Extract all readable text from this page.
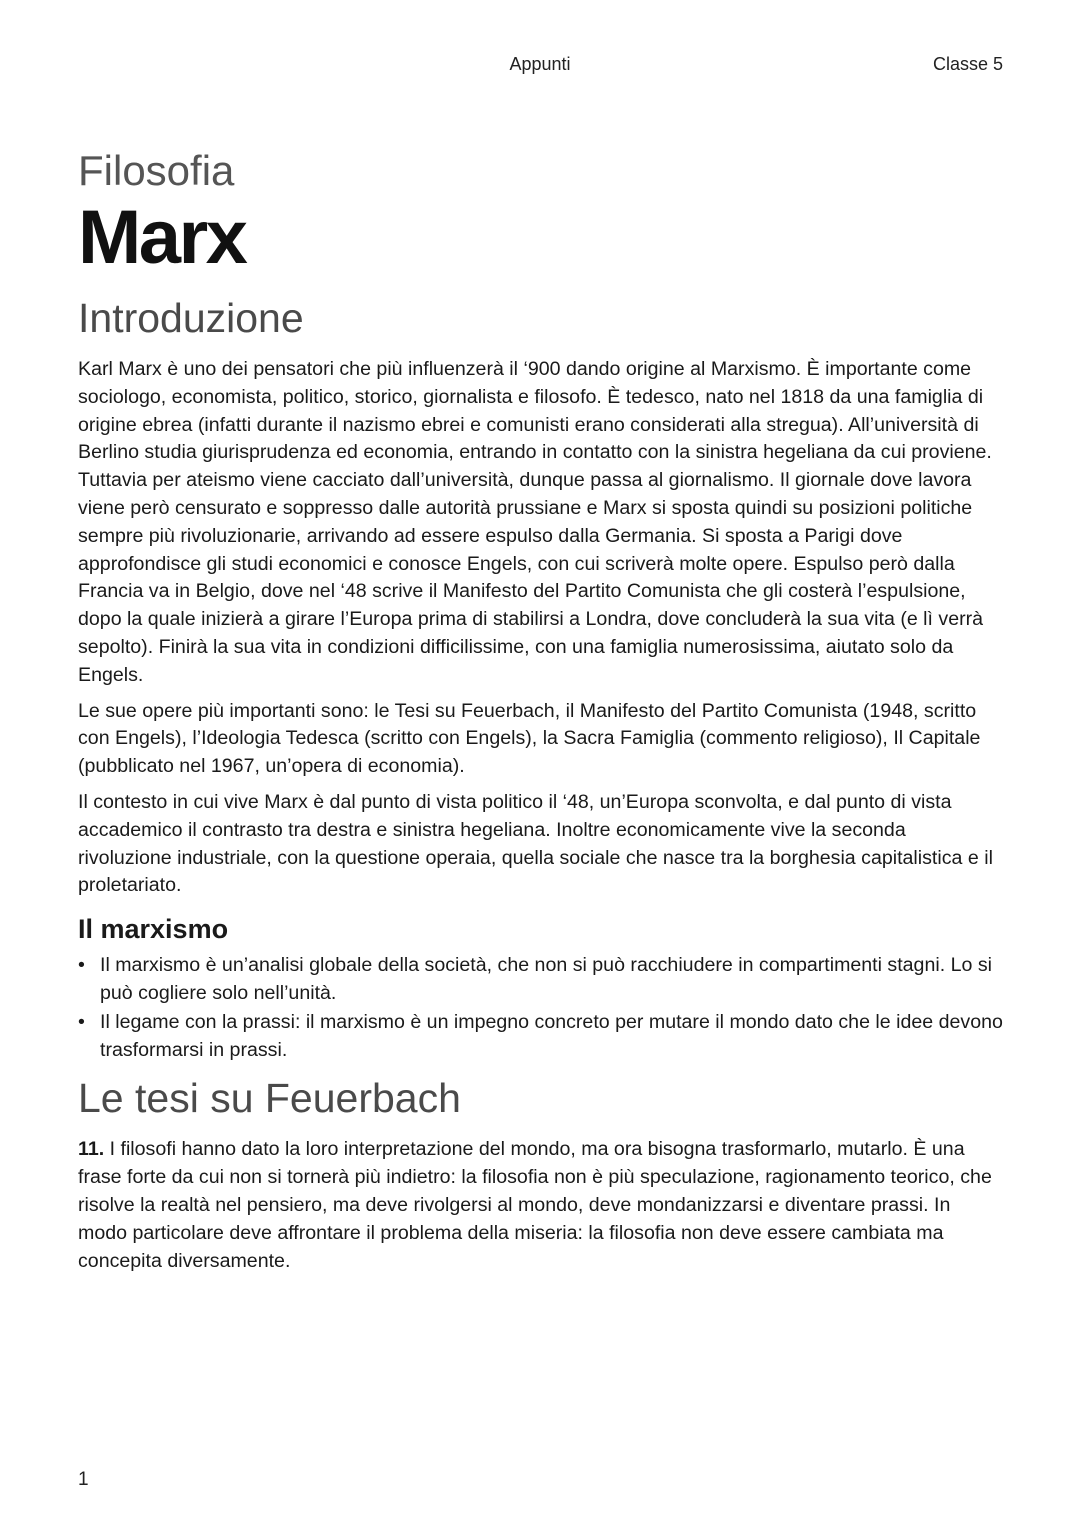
Appunti	Classe 5
Filosofia
Marx
Introduzione

Karl Marx è uno dei pensatori che più influenzerà il ‘900 dando origine al Marxismo. È importante come sociologo, economista, politico, storico, giornalista e filosofo. È tedesco, nato nel 1818 da una famiglia di origine ebrea (infatti durante il nazismo ebrei e comunisti erano considerati alla stregua). All’università di Berlino studia giurisprudenza ed economia, entrando in contatto con la sinistra hegeliana da cui proviene. Tuttavia per ateismo viene cacciato dall’università, dunque passa al giornalismo. Il giornale dove lavora viene però censurato e soppresso dalle autorità prussiane e Marx si sposta quindi su posizioni politiche sempre più rivoluzionarie, arrivando ad essere espulso dalla Germania. Si sposta a Parigi dove approfondisce gli studi economici e conosce Engels, con cui scriverà molte opere. Espulso però dalla Francia va in Belgio, dove nel ‘48 scrive il Manifesto del Partito Comunista che gli costerà l’espulsione, dopo la quale inizierà a girare l’Europa prima di stabilirsi a Londra, dove concluderà la sua vita (e lì verrà sepolto). Finirà la sua vita in condizioni difficilissime, con una famiglia numerosissima, aiutato solo da Engels.

Le sue opere più importanti sono: le Tesi su Feuerbach, il Manifesto del Partito Comunista (1948, scritto con Engels), l’Ideologia Tedesca (scritto con Engels), la Sacra Famiglia (commento religioso), Il Capitale (pubblicato nel 1967, un’opera di economia).

Il contesto in cui vive Marx è dal punto di vista politico il ‘48, un’Europa sconvolta, e dal punto di vista accademico il contrasto tra destra e sinistra hegeliana. Inoltre economicamente vive la seconda rivoluzione industriale, con la questione operaia, quella sociale che nasce tra la borghesia capitalistica e il proletariato.

Il marxismo
• Il marxismo è un’analisi globale della società, che non si può racchiudere in compartimenti stagni. Lo si può cogliere solo nell’unità.
• Il legame con la prassi: il marxismo è un impegno concreto per mutare il mondo dato che le idee devono trasformarsi in prassi.
Le tesi su Feuerbach

11. I filosofi hanno dato la loro interpretazione del mondo, ma ora bisogna trasformarlo, mutarlo. È una frase forte da cui non si tornerà più indietro: la filosofia non è più speculazione, ragionamento teorico, che risolve la realtà nel pensiero, ma deve rivolgersi al mondo, deve mondanizzarsi e diventare prassi. In modo particolare deve affrontare il problema della miseria: la filosofia non deve essere cambiata ma concepita diversamente.

1
